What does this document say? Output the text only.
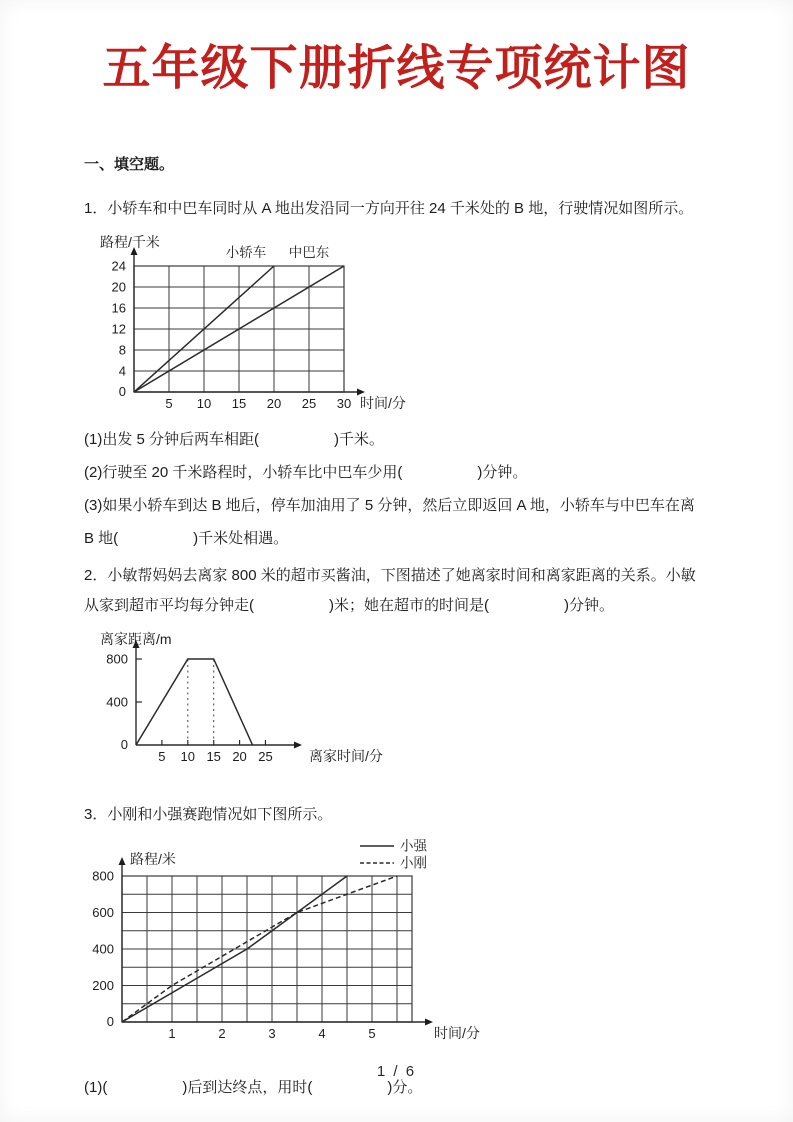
五年级下册折线专项统计图

一、填空题。

1．小轿车和中巴车同时从 A 地出发沿同一方向开往 24 千米处的 B 地，行驶情况如图所示。

5 10 15 20 25 30
0
4
8
12
16
20
24
小轿车 中巴东
路程/千米
时间/分

(1)出发 5 分钟后两车相距(　　　　　)千米。

(2)行驶至 20 千米路程时，小轿车比中巴车少用(　　　　　)分钟。

(3)如果小轿车到达 B 地后，停车加油用了 5 分钟，然后立即返回 A 地，小轿车与中巴车在离

B 地(　　　　　)千米处相遇。

2．小敏帮妈妈去离家 800 米的超市买酱油，下图描述了她离家时间和离家距离的关系。小敏

从家到超市平均每分钟走(　　　　　)米；她在超市的时间是(　　　　　)分钟。

5 10 15 20 25
0
400
800
离家距离/m
离家时间/分

3．小刚和小强赛跑情况如下图所示。

1	2	3	4	5
0
200
400
600
800
小强
小刚
路程/米
时间/分

(1)(　　　　　)后到达终点，用时(　　　　　)分。

1 / 6
